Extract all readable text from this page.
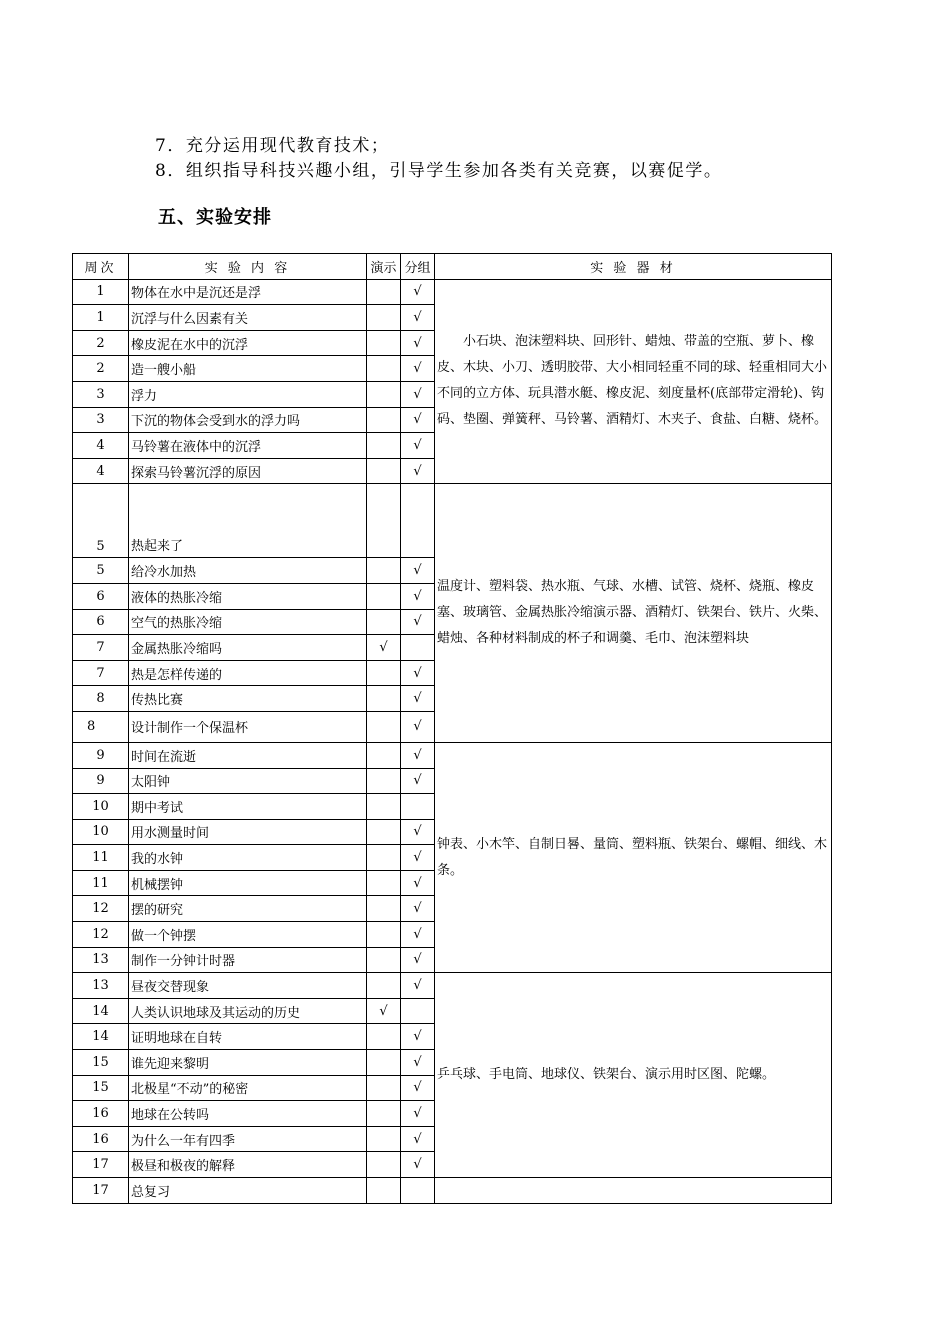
7．充分运用现代教育技术；
8．组织指导科技兴趣小组，引导学生参加各类有关竞赛，以赛促学。
五、实验安排
周次	实 验 内 容	演示	分组	实 验 器 材
1	物体在水中是沉还是浮		√	　　小石块、泡沫塑料块、回形针、蜡烛、带盖的空瓶、萝卜、橡皮、木块、小刀、透明胶带、大小相同轻重不同的球、轻重相同大小不同的立方体、玩具潜水艇、橡皮泥、刻度量杯(底部带定滑轮)、钩码、垫圈、弹簧秤、马铃薯、酒精灯、木夹子、食盐、白糖、烧杯。
1	沉浮与什么因素有关		√	
2	橡皮泥在水中的沉浮		√	
2	造一艘小船		√	
3	浮力		√	
3	下沉的物体会受到水的浮力吗		√	
4	马铃薯在液体中的沉浮		√	
4	探索马铃薯沉浮的原因		√	
5	热起来了			温度计、塑料袋、热水瓶、气球、水槽、试管、烧杯、烧瓶、橡皮塞、玻璃管、金属热胀冷缩演示器、酒精灯、铁架台、铁片、火柴、蜡烛、各种材料制成的杯子和调羹、毛巾、泡沫塑料块
5	给冷水加热		√	
6	液体的热胀冷缩		√	
6	空气的热胀冷缩		√	
7	金属热胀冷缩吗	√		
7	热是怎样传递的		√	
8	传热比赛		√	
8	设计制作一个保温杯		√	
9	时间在流逝		√	钟表、小木竿、自制日晷、量筒、塑料瓶、铁架台、螺帽、细线、木条。
9	太阳钟		√	
10	期中考试			
10	用水测量时间		√	
11	我的水钟		√	
11	机械摆钟		√	
12	摆的研究		√	
12	做一个钟摆		√	
13	制作一分钟计时器		√	
13	昼夜交替现象		√	乒乓球、手电筒、地球仪、铁架台、演示用时区图、陀螺。
14	人类认识地球及其运动的历史	√		
14	证明地球在自转		√	
15	谁先迎来黎明		√	
15	北极星“不动”的秘密		√	
16	地球在公转吗		√	
16	为什么一年有四季		√	
17	极昼和极夜的解释		√	
17	总复习			
